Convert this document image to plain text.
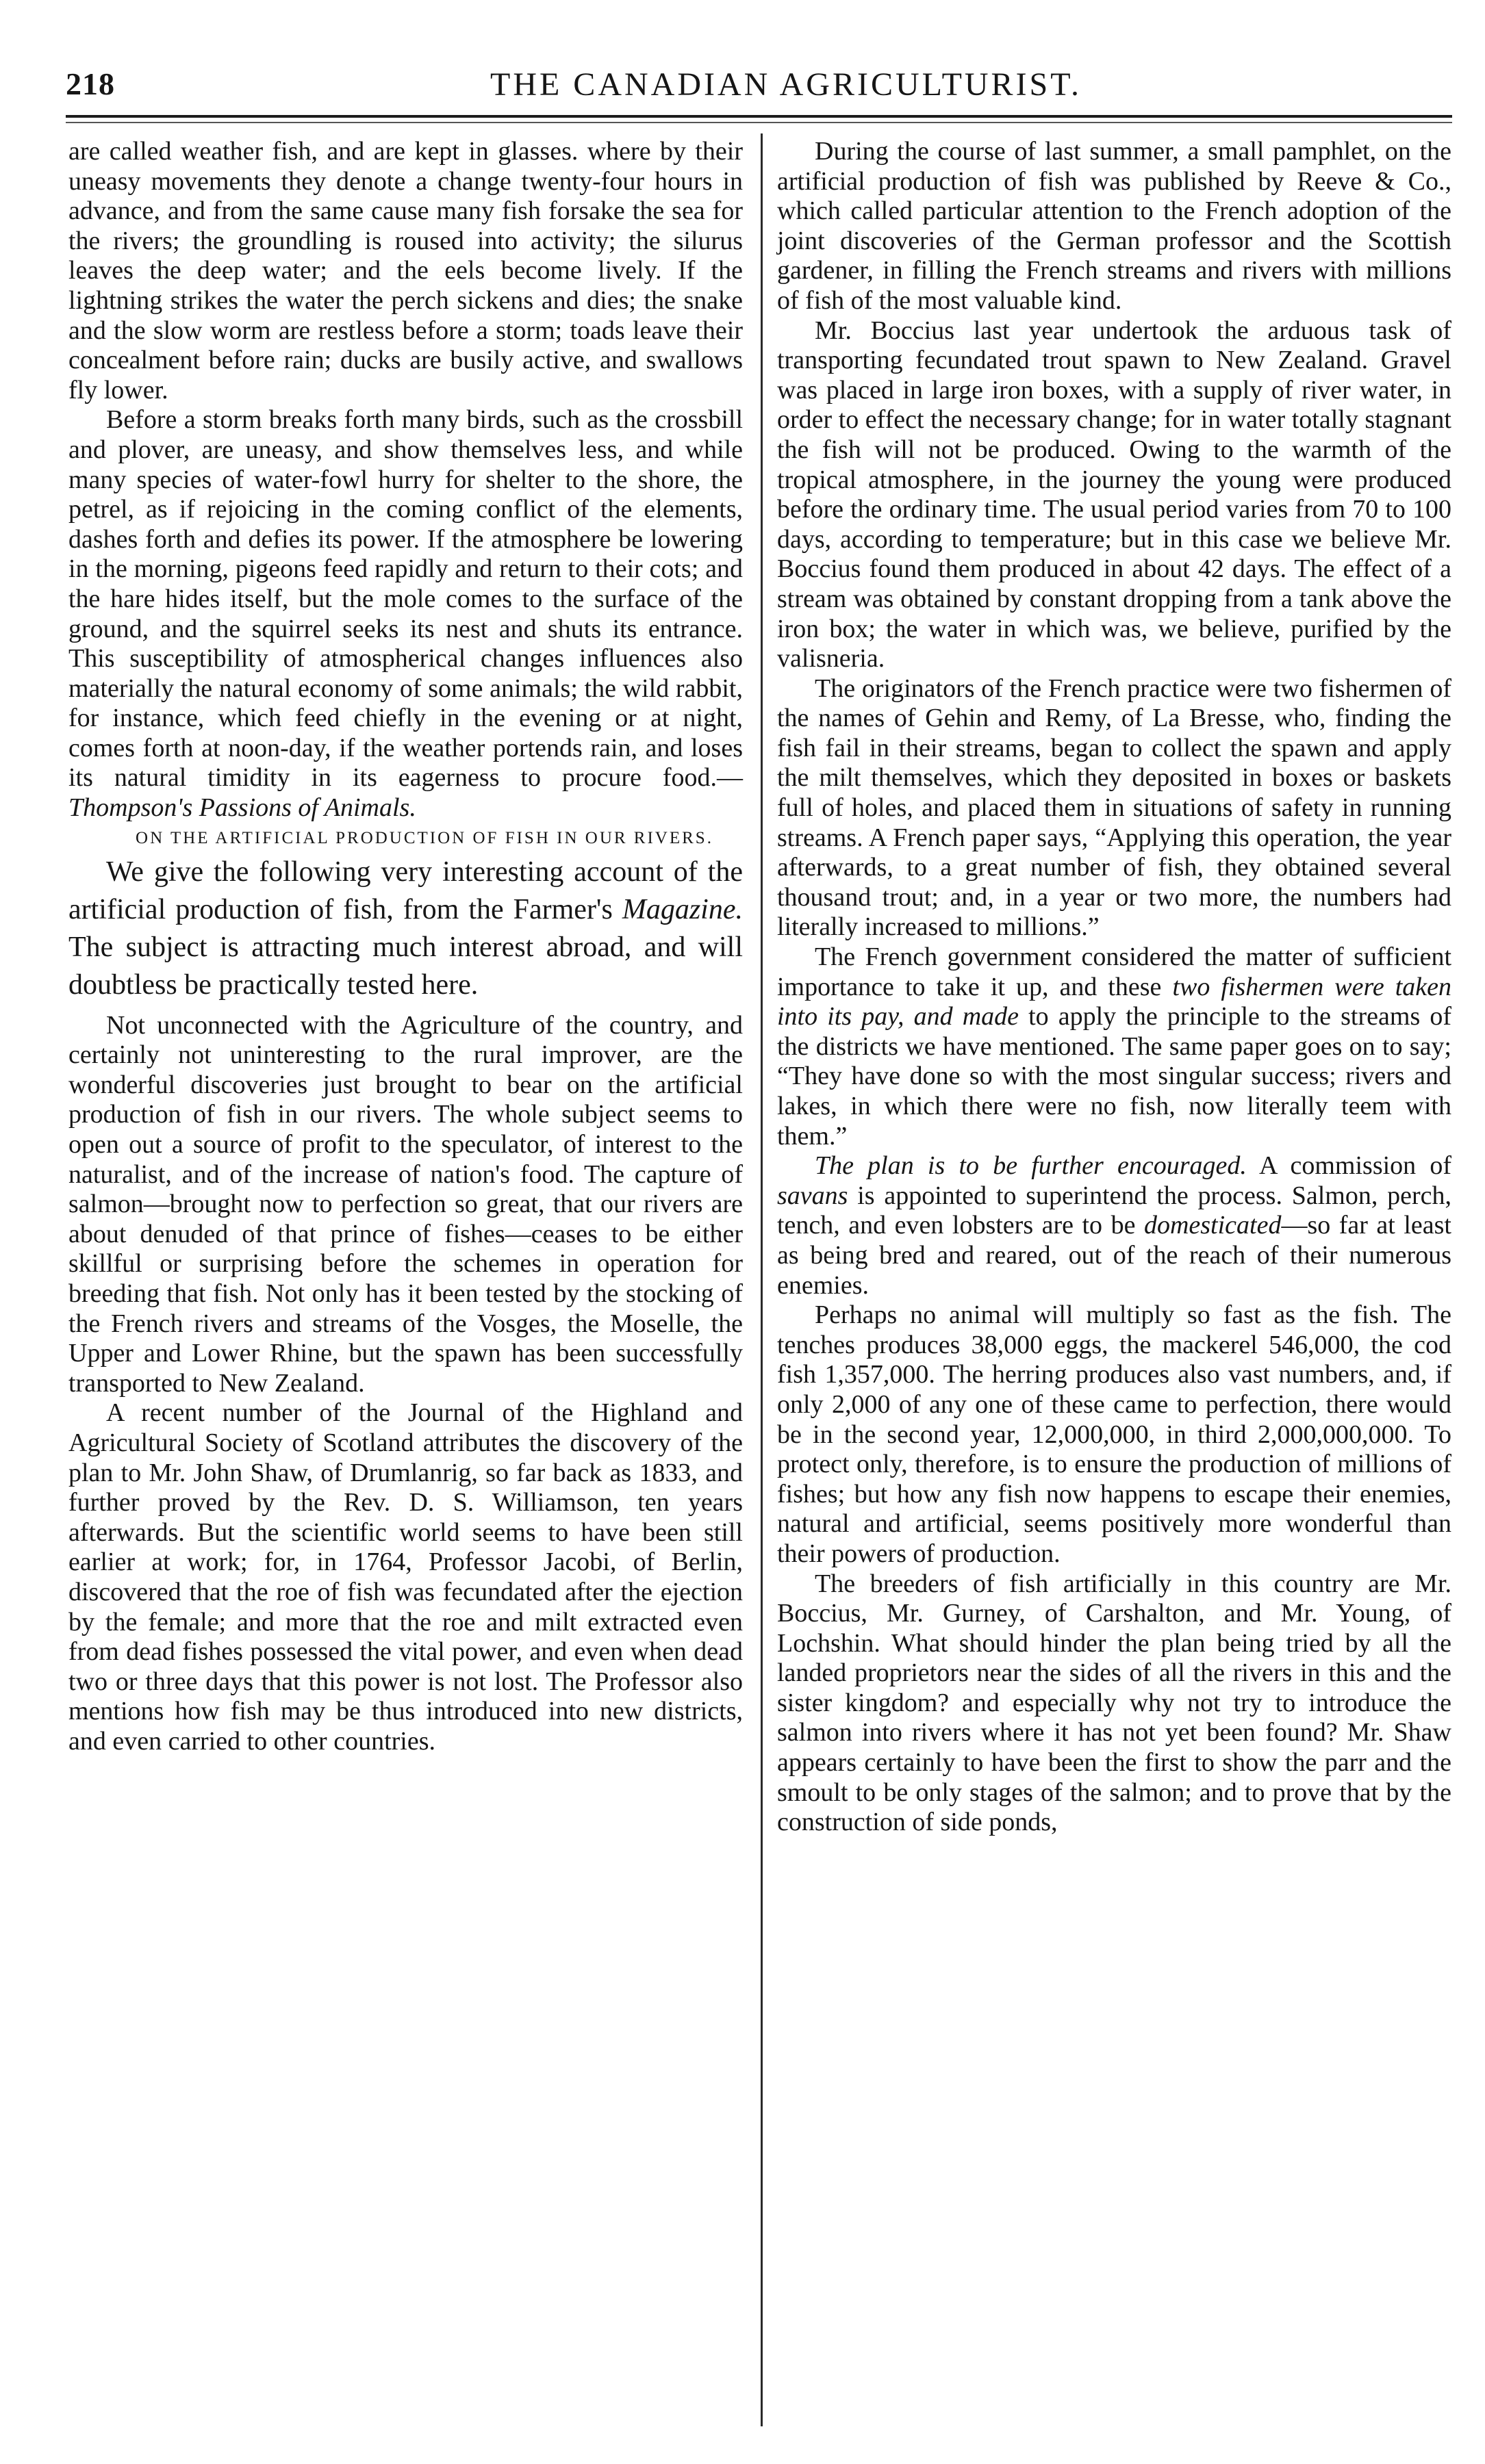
218	THE CANADIAN AGRICULTURIST.

are called weather fish, and are kept in glasses. where by their uneasy movements they denote a change twenty-four hours in advance, and from the same cause many fish forsake the sea for the rivers; the groundling is roused into activity; the silurus leaves the deep water; and the eels become lively. If the lightning strikes the water the perch sickens and dies; the snake and the slow worm are restless before a storm; toads leave their concealment before rain; ducks are busily active, and swallows fly lower.

Before a storm breaks forth many birds, such as the crossbill and plover, are uneasy, and show themselves less, and while many species of water-fowl hurry for shelter to the shore, the petrel, as if rejoicing in the coming conflict of the elements, dashes forth and defies its power. If the atmosphere be lowering in the morning, pigeons feed rapidly and return to their cots; and the hare hides itself, but the mole comes to the surface of the ground, and the squirrel seeks its nest and shuts its entrance. This susceptibility of atmospherical changes influences also materially the natural economy of some animals; the wild rabbit, for instance, which feed chiefly in the evening or at night, comes forth at noon-day, if the weather portends rain, and loses its natural timidity in its eagerness to procure food.—Thompson's Passions of Animals.

ON THE ARTIFICIAL PRODUCTION OF FISH IN OUR RIVERS.

We give the following very interesting account of the artificial production of fish, from the Farmer's Magazine. The subject is attracting much interest abroad, and will doubtless be practically tested here.

Not unconnected with the Agriculture of the country, and certainly not uninteresting to the rural improver, are the wonderful discoveries just brought to bear on the artificial production of fish in our rivers. The whole subject seems to open out a source of profit to the speculator, of interest to the naturalist, and of the increase of nation's food. The capture of salmon—brought now to perfection so great, that our rivers are about denuded of that prince of fishes—ceases to be either skillful or surprising before the schemes in operation for breeding that fish. Not only has it been tested by the stocking of the French rivers and streams of the Vosges, the Moselle, the Upper and Lower Rhine, but the spawn has been successfully transported to New Zealand.

A recent number of the Journal of the Highland and Agricultural Society of Scotland attributes the discovery of the plan to Mr. John Shaw, of Drumlanrig, so far back as 1833, and further proved by the Rev. D. S. Williamson, ten years afterwards. But the scientific world seems to have been still earlier at work; for, in 1764, Professor Jacobi, of Berlin, discovered that the roe of fish was fecundated after the ejection by the female; and more that the roe and milt extracted even from dead fishes possessed the vital power, and even when dead two or three days that this power is not lost. The Professor also mentions how fish may be thus introduced into new districts, and even carried to other countries.

During the course of last summer, a small pamphlet, on the artificial production of fish was published by Reeve & Co., which called particular attention to the French adoption of the joint discoveries of the German professor and the Scottish gardener, in filling the French streams and rivers with millions of fish of the most valuable kind.

Mr. Boccius last year undertook the arduous task of transporting fecundated trout spawn to New Zealand. Gravel was placed in large iron boxes, with a supply of river water, in order to effect the necessary change; for in water totally stagnant the fish will not be produced. Owing to the warmth of the tropical atmosphere, in the journey the young were produced before the ordinary time. The usual period varies from 70 to 100 days, according to temperature; but in this case we believe Mr. Boccius found them produced in about 42 days. The effect of a stream was obtained by constant dropping from a tank above the iron box; the water in which was, we believe, purified by the valisneria.

The originators of the French practice were two fishermen of the names of Gehin and Remy, of La Bresse, who, finding the fish fail in their streams, began to collect the spawn and apply the milt themselves, which they deposited in boxes or baskets full of holes, and placed them in situations of safety in running streams. A French paper says, “Applying this operation, the year afterwards, to a great number of fish, they obtained several thousand trout; and, in a year or two more, the numbers had literally increased to millions.”

The French government considered the matter of sufficient importance to take it up, and these two fishermen were taken into its pay, and made to apply the principle to the streams of the districts we have mentioned. The same paper goes on to say; “They have done so with the most singular success; rivers and lakes, in which there were no fish, now literally teem with them.”

The plan is to be further encouraged. A commission of savans is appointed to superintend the process. Salmon, perch, tench, and even lobsters are to be domesticated—so far at least as being bred and reared, out of the reach of their numerous enemies.

Perhaps no animal will multiply so fast as the fish. The tenches produces 38,000 eggs, the mackerel 546,000, the cod fish 1,357,000. The herring produces also vast numbers, and, if only 2,000 of any one of these came to perfection, there would be in the second year, 12,000,000, in third 2,000,000,000. To protect only, therefore, is to ensure the production of millions of fishes; but how any fish now happens to escape their enemies, natural and artificial, seems positively more wonderful than their powers of production.

The breeders of fish artificially in this country are Mr. Boccius, Mr. Gurney, of Carshalton, and Mr. Young, of Lochshin. What should hinder the plan being tried by all the landed proprietors near the sides of all the rivers in this and the sister kingdom? and especially why not try to introduce the salmon into rivers where it has not yet been found? Mr. Shaw appears certainly to have been the first to show the parr and the smoult to be only stages of the salmon; and to prove that by the construction of side ponds,
